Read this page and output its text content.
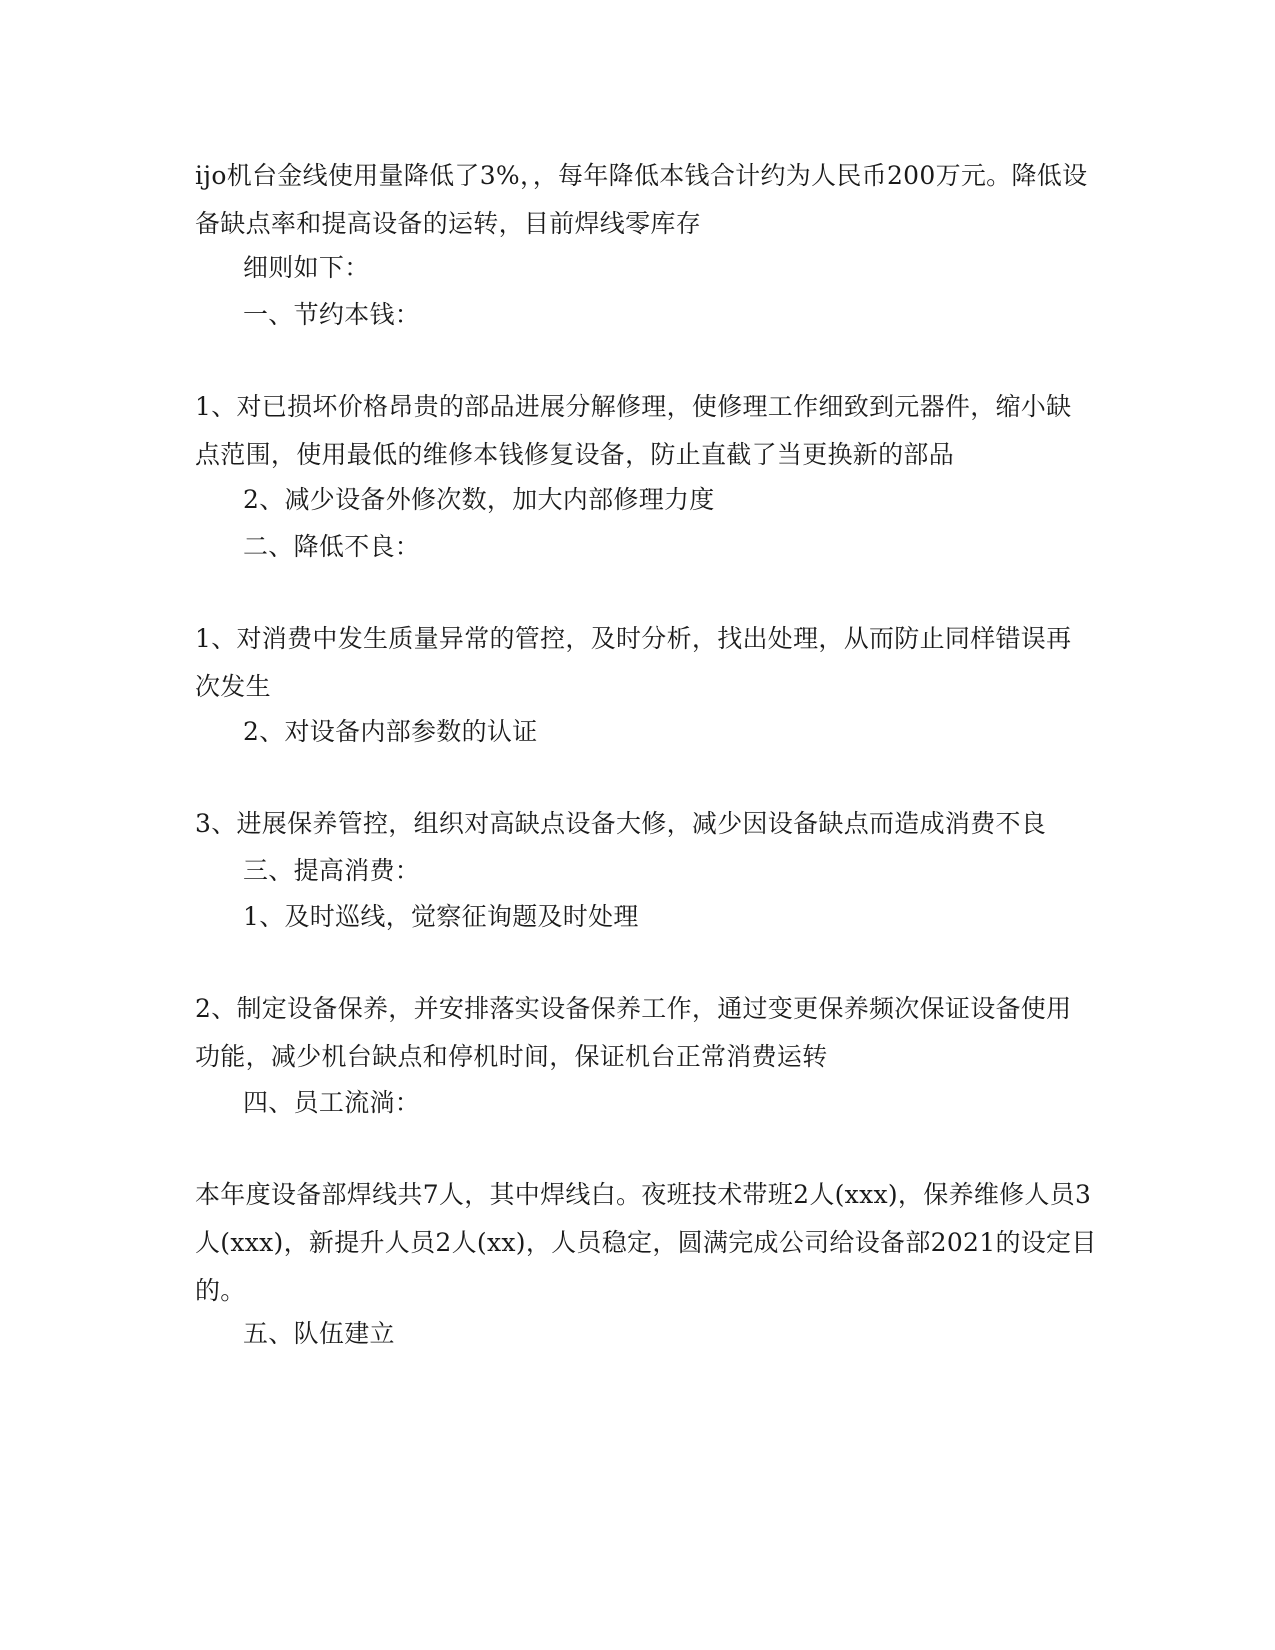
ijo机台金线使用量降低了3%，，每年降低本钱合计约为人民币200万元。降低设
备缺点率和提高设备的运转，目前焊线零库存

细则如下：

一、节约本钱：

1、对已损坏价格昂贵的部品进展分解修理，使修理工作细致到元器件，缩小缺
点范围，使用最低的维修本钱修复设备，防止直截了当更换新的部品

2、减少设备外修次数，加大内部修理力度

二、降低不良：

1、对消费中发生质量异常的管控，及时分析，找出处理，从而防止同样错误再
次发生

2、对设备内部参数的认证

3、进展保养管控，组织对高缺点设备大修，减少因设备缺点而造成消费不良

三、提高消费：

1、及时巡线，觉察征询题及时处理

2、制定设备保养，并安排落实设备保养工作，通过变更保养频次保证设备使用
功能，减少机台缺点和停机时间，保证机台正常消费运转

四、员工流淌：

本年度设备部焊线共7人，其中焊线白。夜班技术带班2人(xxx)，保养维修人员3
人(xxx)，新提升人员2人(xx)，人员稳定，圆满完成公司给设备部2021的设定目
的。

五、队伍建立
